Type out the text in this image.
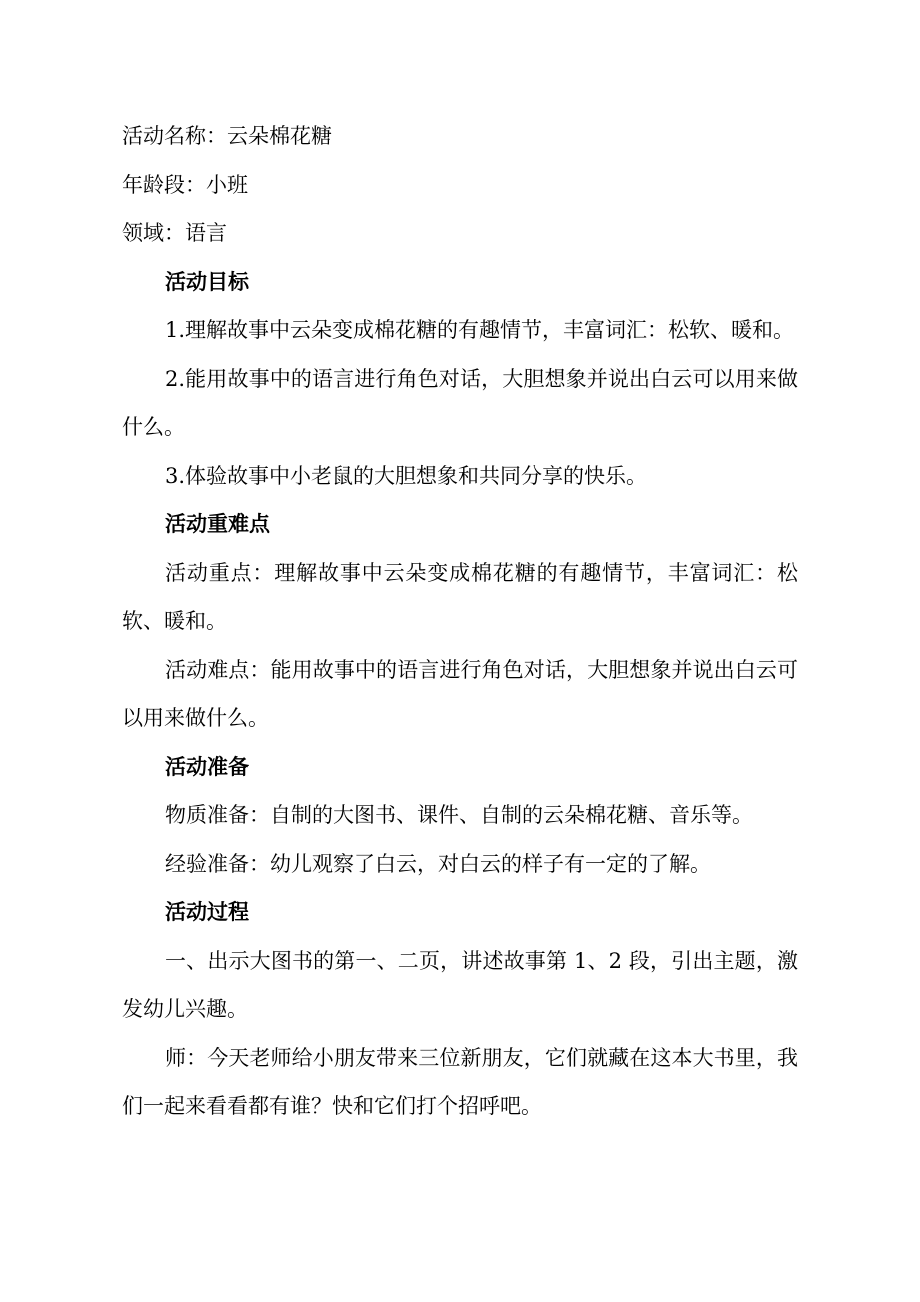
活动名称：云朵棉花糖

年龄段：小班

领域：语言

活动目标

1.理解故事中云朵变成棉花糖的有趣情节，丰富词汇：松软、暖和。

2.能用故事中的语言进行角色对话，大胆想象并说出白云可以用来做什么。

3.体验故事中小老鼠的大胆想象和共同分享的快乐。

活动重难点

活动重点：理解故事中云朵变成棉花糖的有趣情节，丰富词汇：松软、暖和。

活动难点：能用故事中的语言进行角色对话，大胆想象并说出白云可以用来做什么。

活动准备

物质准备：自制的大图书、课件、自制的云朵棉花糖、音乐等。

经验准备：幼儿观察了白云，对白云的样子有一定的了解。

活动过程

一、出示大图书的第一、二页，讲述故事第 1、2 段，引出主题，激发幼儿兴趣。

师：今天老师给小朋友带来三位新朋友，它们就藏在这本大书里，我们一起来看看都有谁？快和它们打个招呼吧。
